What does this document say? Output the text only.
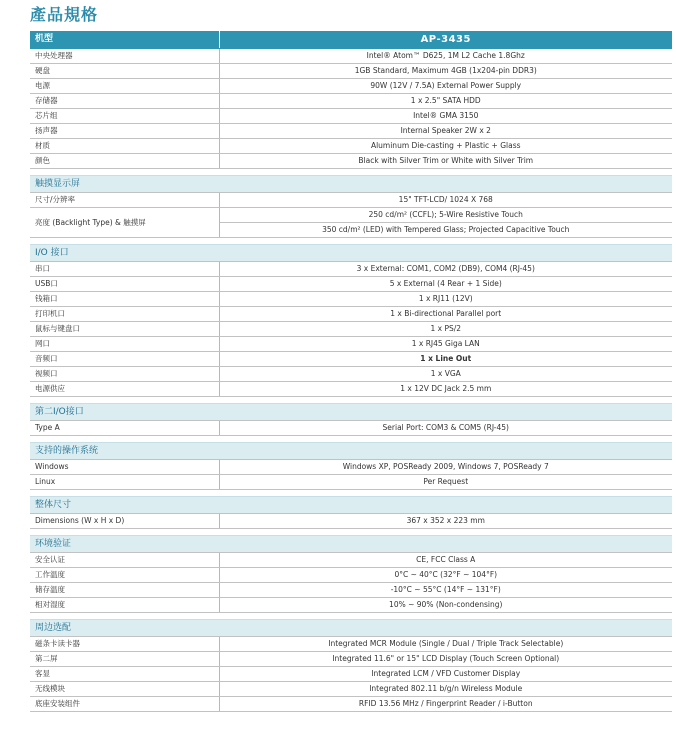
產品規格
机型	AP-3435
中央处理器	Intel® Atom™ D625, 1M L2 Cache 1.8Ghz
硬盘	1GB Standard, Maximum 4GB (1x204-pin DDR3)
电源	90W (12V / 7.5A) External Power Supply
存储器	1 x 2.5" SATA HDD
芯片组	Intel® GMA 3150
扬声器	Internal Speaker 2W x 2
材质	Aluminum Die-casting + Plastic + Glass
颜色	Black with Silver Trim or White with Silver Trim

触摸显示屏	
尺寸/分辨率	15" TFT-LCD/ 1024 X 768
亮度 (Backlight Type) & 触摸屏	250 cd/m² (CCFL); 5-Wire Resistive Touch
	350 cd/m² (LED) with Tempered Glass; Projected Capacitive Touch

I/O 接口	
串口	3 x External: COM1, COM2 (DB9), COM4 (RJ-45)
USB口	5 x External (4 Rear + 1 Side)
钱箱口	1 x RJ11 (12V)
打印机口	1 x Bi-directional Parallel port
鼠标与键盘口	1 x PS/2
网口	1 x RJ45 Giga LAN
音频口	1 x Line Out
视频口	1 x VGA
电源供应	1 x 12V DC Jack 2.5 mm

第二I/O接口	
Type A	Serial Port: COM3 & COM5 (RJ-45)

支持的操作系统	
Windows	Windows XP, POSReady 2009, Windows 7, POSReady 7
Linux	Per Request

整体尺寸	
Dimensions (W x H x D)	367 x 352 x 223 mm

环境验证	
安全认证	CE, FCC Class A
工作温度	0°C ~ 40°C (32°F ~ 104°F)
储存温度	-10°C ~ 55°C (14°F ~ 131°F)
相对湿度	10% ~ 90% (Non-condensing)

周边选配	
磁条卡读卡器	Integrated MCR Module (Single / Dual / Triple Track Selectable)
第二屏	Integrated 11.6" or 15" LCD Display (Touch Screen Optional)
客显	Integrated LCM / VFD Customer Display
无线模块	Integrated 802.11 b/g/n Wireless Module
底座安装组件	RFID 13.56 MHz / Fingerprint Reader / i-Button
